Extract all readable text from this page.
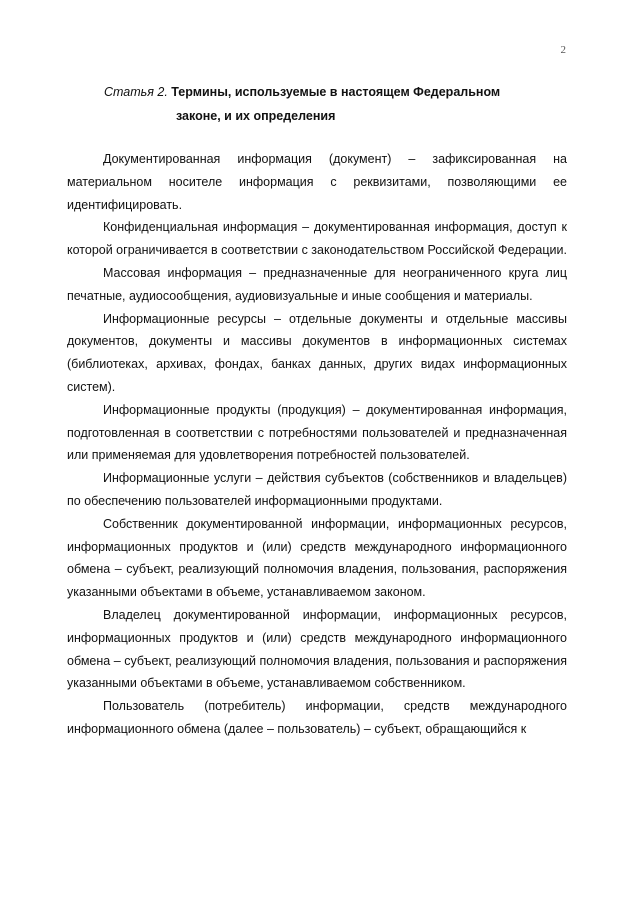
2

Статья 2. Термины, используемые в настоящем Федеральном

законе, и их определения

Документированная информация (документ) – зафиксированная на материальном носителе информация с реквизитами, позволяющими ее идентифицировать.

Конфиденциальная информация – документированная информация, доступ к которой ограничивается в соответствии с законодательством Российской Федерации.

Массовая информация – предназначенные для неограниченного круга лиц печатные, аудиосообщения, аудиовизуальные и иные сообщения и материалы.

Информационные ресурсы – отдельные документы и отдельные массивы документов, документы и массивы документов в информационных системах (библиотеках, архивах, фондах, банках данных, других видах информационных систем).

Информационные продукты (продукция) – документированная информация, подготовленная в соответствии с потребностями пользователей и предназначенная или применяемая для удовлетворения потребностей пользователей.

Информационные услуги – действия субъектов (собственников и владельцев) по обеспечению пользователей информационными продуктами.

Собственник документированной информации, информационных ресурсов, информационных продуктов и (или) средств международного информационного обмена – субъект, реализующий полномочия владения, пользования, распоряжения указанными объектами в объеме, устанавливаемом законом.

Владелец документированной информации, информационных ресурсов, информационных продуктов и (или) средств международного информационного обмена – субъект, реализующий полномочия владения, пользования и распоряжения указанными объектами в объеме, устанавливаемом собственником.

Пользователь (потребитель) информации, средств международного информационного обмена (далее – пользователь) – субъект, обращающийся к
